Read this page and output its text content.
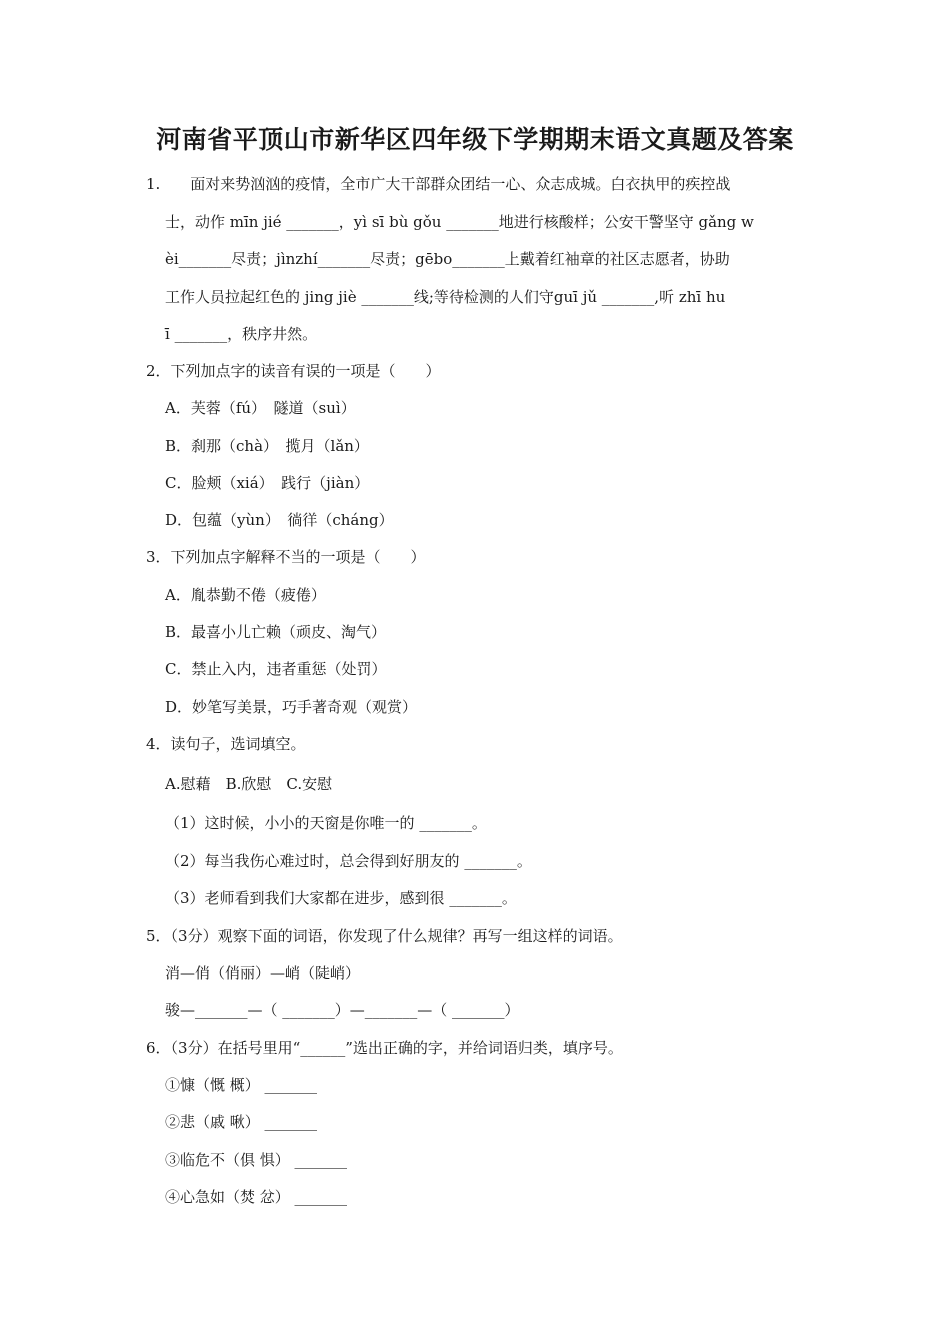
河南省平顶山市新华区四年级下学期期末语文真题及答案
1.　　面对来势汹汹的疫情，全市广大干部群众团结一心、众志成城。白衣执甲的疾控战
士，动作 mīn jié _______，yì sī bù gǒu _______地进行核酸样；公安干警坚守 gǎng w
èi_______尽责；jìnzhí_______尽责；gēbo_______上戴着红袖章的社区志愿者，协助
工作人员拉起红色的 jing jiè _______线;等待检测的人们守guī jǔ _______,听 zhī hu
ī _______，秩序井然。
2．下列加点字的读音有误的一项是（　　）
A．芙蓉（fú）　隧道（suì）
B．刹那（chà）　揽月（lǎn）
C．脸颊（xiá）　践行（jiàn）
D．包蕴（yùn）　徜徉（cháng）
3．下列加点字解释不当的一项是（　　）
A．胤恭勤不倦（疲倦）
B．最喜小儿亡赖（顽皮、淘气）
C．禁止入内，违者重惩（处罚）
D．妙笔写美景，巧手著奇观（观赏）
4．读句子，选词填空。
A.慰藉　B.欣慰　C.安慰
（1）这时候，小小的天窗是你唯一的 _______。
（2）每当我伤心难过时，总会得到好朋友的 _______。
（3）老师看到我们大家都在进步，感到很 _______。
5．（3分）观察下面的词语，你发现了什么规律？再写一组这样的词语。
消—俏（俏丽）—峭（陡峭）
骏—_______—（ _______）—_______—（ _______）
6．（3分）在括号里用“______”选出正确的字，并给词语归类，填序号。
①慷（慨 概） _______
②悲（戚 啾） _______
③临危不（俱 惧） _______
④心急如（焚 忿） _______
